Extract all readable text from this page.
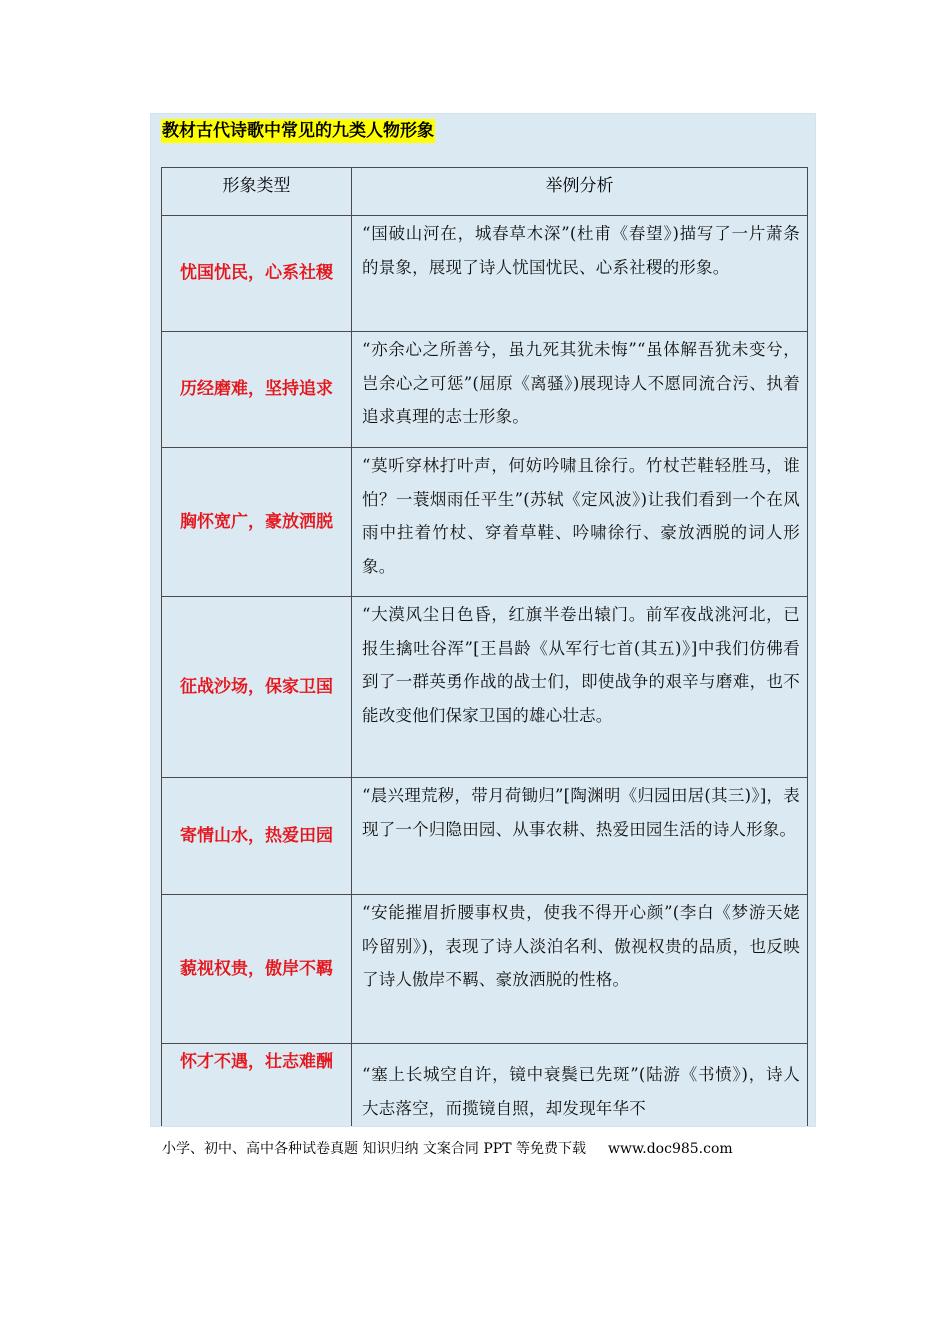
教材古代诗歌中常见的九类人物形象
形象类型	举例分析
忧国忧民，心系社稷	“国破山河在，城春草木深”(杜甫《春望》)描写了一片萧条的景象，展现了诗人忧国忧民、心系社稷的形象。
历经磨难，坚持追求	“亦余心之所善兮，虽九死其犹未悔”“虽体解吾犹未变兮，岂余心之可惩”(屈原《离骚》)展现诗人不愿同流合污、执着追求真理的志士形象。
胸怀宽广，豪放洒脱	“莫听穿林打叶声，何妨吟啸且徐行。竹杖芒鞋轻胜马，谁怕？一蓑烟雨任平生”(苏轼《定风波》)让我们看到一个在风雨中拄着竹杖、穿着草鞋、吟啸徐行、豪放洒脱的词人形象。
征战沙场，保家卫国	“大漠风尘日色昏，红旗半卷出辕门。前军夜战洮河北，已报生擒吐谷浑”[王昌龄《从军行七首(其五)》]中我们仿佛看到了一群英勇作战的战士们，即使战争的艰辛与磨难，也不能改变他们保家卫国的雄心壮志。
寄情山水，热爱田园	“晨兴理荒秽，带月荷锄归”[陶渊明《归园田居(其三)》]，表现了一个归隐田园、从事农耕、热爱田园生活的诗人形象。
藐视权贵，傲岸不羁	“安能摧眉折腰事权贵，使我不得开心颜”(李白《梦游天姥吟留别》)，表现了诗人淡泊名利、傲视权贵的品质，也反映了诗人傲岸不羁、豪放洒脱的性格。
怀才不遇，壮志难酬	“塞上长城空自许，镜中衰鬓已先斑”(陆游《书愤》)，诗人大志落空，而揽镜自照，却发现年华不
小学、初中、高中各种试卷真题 知识归纳 文案合同 PPT 等免费下载 www.doc985.com
